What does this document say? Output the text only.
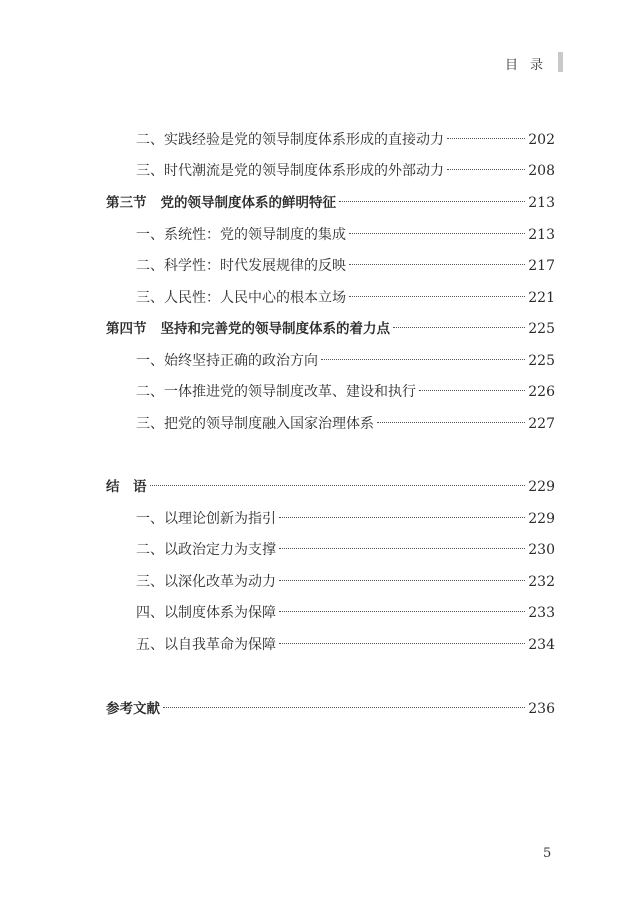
目录
二、实践经验是党的领导制度体系形成的直接动力	202
三、时代潮流是党的领导制度体系形成的外部动力	208
第三节 党的领导制度体系的鲜明特征	213
一、系统性：党的领导制度的集成	213
二、科学性：时代发展规律的反映	217
三、人民性：人民中心的根本立场	221
第四节 坚持和完善党的领导制度体系的着力点	225
一、始终坚持正确的政治方向	225
二、一体推进党的领导制度改革、建设和执行	226
三、把党的领导制度融入国家治理体系	227
结　语	229
一、以理论创新为指引	229
二、以政治定力为支撑	230
三、以深化改革为动力	232
四、以制度体系为保障	233
五、以自我革命为保障	234
参考文献	236
5
